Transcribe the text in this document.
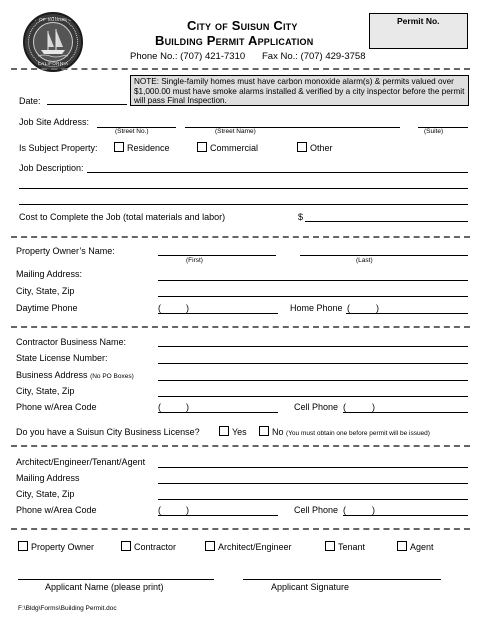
CITY OF SUISUN CITY
CALIFORNIA
City of Suisun City
Building Permit Application
Phone No.: (707) 421-7310 Fax No.: (707) 429-3758
Permit No.
NOTE: Single-family homes must have carbon monoxide alarm(s) & permits valued over $1,000.00 must have smoke alarms installed & verified by a city inspector before the permit will pass Final Inspection.
Date:
Job Site Address:
(Street No.)	(Street Name)	(Suite)
Is Subject Property:	Residence	Commercial	Other
Job Description:
Cost to Complete the Job (total materials and labor)	$
Property Owner’s Name:
(First)	(Last)
Mailing Address:
City, State, Zip
Daytime Phone	(	)	Home Phone (	)
Contractor Business Name:
State License Number:
Business Address (No PO Boxes)
City, State, Zip
Phone w/Area Code	(	)	Cell Phone (	)
Do you have a Suisun City Business License?	Yes	No (You must obtain one before permit will be issued)
Architect/Engineer/Tenant/Agent
Mailing Address
City, State, Zip
Phone w/Area Code	(	)	Cell Phone (	)
Property Owner	Contractor	Architect/Engineer	Tenant	Agent
Applicant Name (please print)	Applicant Signature
F:\Bldg\Forms\Building Permit.doc
